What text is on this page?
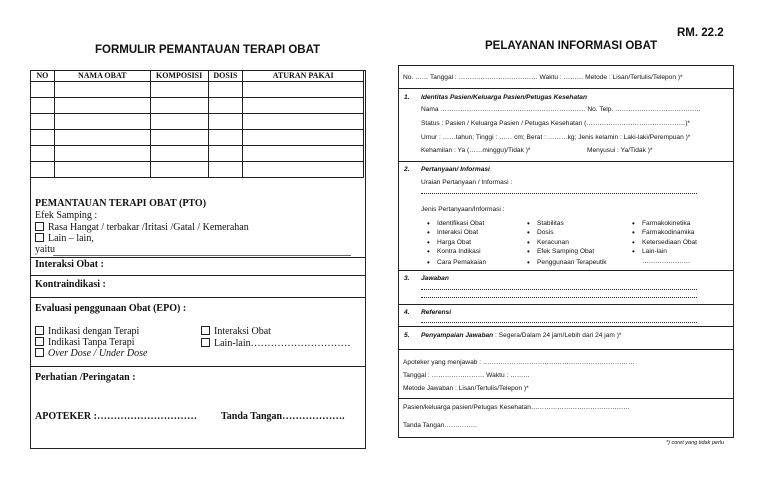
FORMULIR PEMANTAUAN TERAPI OBAT
NO	NAMA OBAT	KOMPOSISI	DOSIS	ATURAN PAKAI

PEMANTAUAN TERAPI OBAT (PTO)
Efek Samping :
Rasa Hangat / terbakar /Iritasi /Gatal / Kemerahan
Lain – lain,
yaitu
Interaksi Obat :
Kontraindikasi :
Evaluasi penggunaan Obat (EPO) :
Indikasi dengan Terapi
Indikasi Tanpa Terapi
Over Dose / Under Dose
Interaksi Obat
Lain-lain…………………………
Perhatian /Peringatan :
APOTEKER :………………………… Tanda Tangan……………….
RM. 22.2
PELAYANAN INFORMASI OBAT
No. …… Tanggal : ……………………………… Waktu : ……… Metode : Lisan/Tertulis/Telepon )*
1. Identitas Pasien/Keluarga Pasien/Petugas Kesehatan
Nama ………………………………………………………… No. Telp. …………………………………
Status : Pasien / Keluarga Pasien / Petugas Kesehatan (………………………………………)*
Umur : ……tahun; Tinggi : …… cm; Berat : ………kg; Jenis kelamin : Laki-laki/Perempuan )*
Kehamilan : Ya (……minggu)/Tidak )*	Menyusui : Ya/Tidak )*
2. Pertanyaan/ Informasi
Uraian Pertanyaan / Informasi :
Jenis Pertanyaan/Informasi :
• Identifikasi Obat
• Interaksi Obat
• Harga Obat
• Kontra Indikasi
• Cara Pemakaian
• Stabilitas
• Dosis
• Keracunan
• Efek Samping Obat
• Penggunaan Terapeutik
• Farmakokinetika
• Farmakodinamika
• Ketersediaan Obat
• Lain-lain
………………….
3. Jawaban
4. Referensi
5. Penyampaian Jawaban : Segera/Dalam 24 jam/Lebih dari 24 jam )*
Apoteker yang menjawab : ……………………………………………………………
Tanggal : …………………… Waktu : ………
Metode Jawaban : Lisan/Tertulis/Telepon )*
Pasien/keluarga pasien/Petugas Kesehatan………………………………………
Tanda Tangan……………
*) coret yang tidak perlu
